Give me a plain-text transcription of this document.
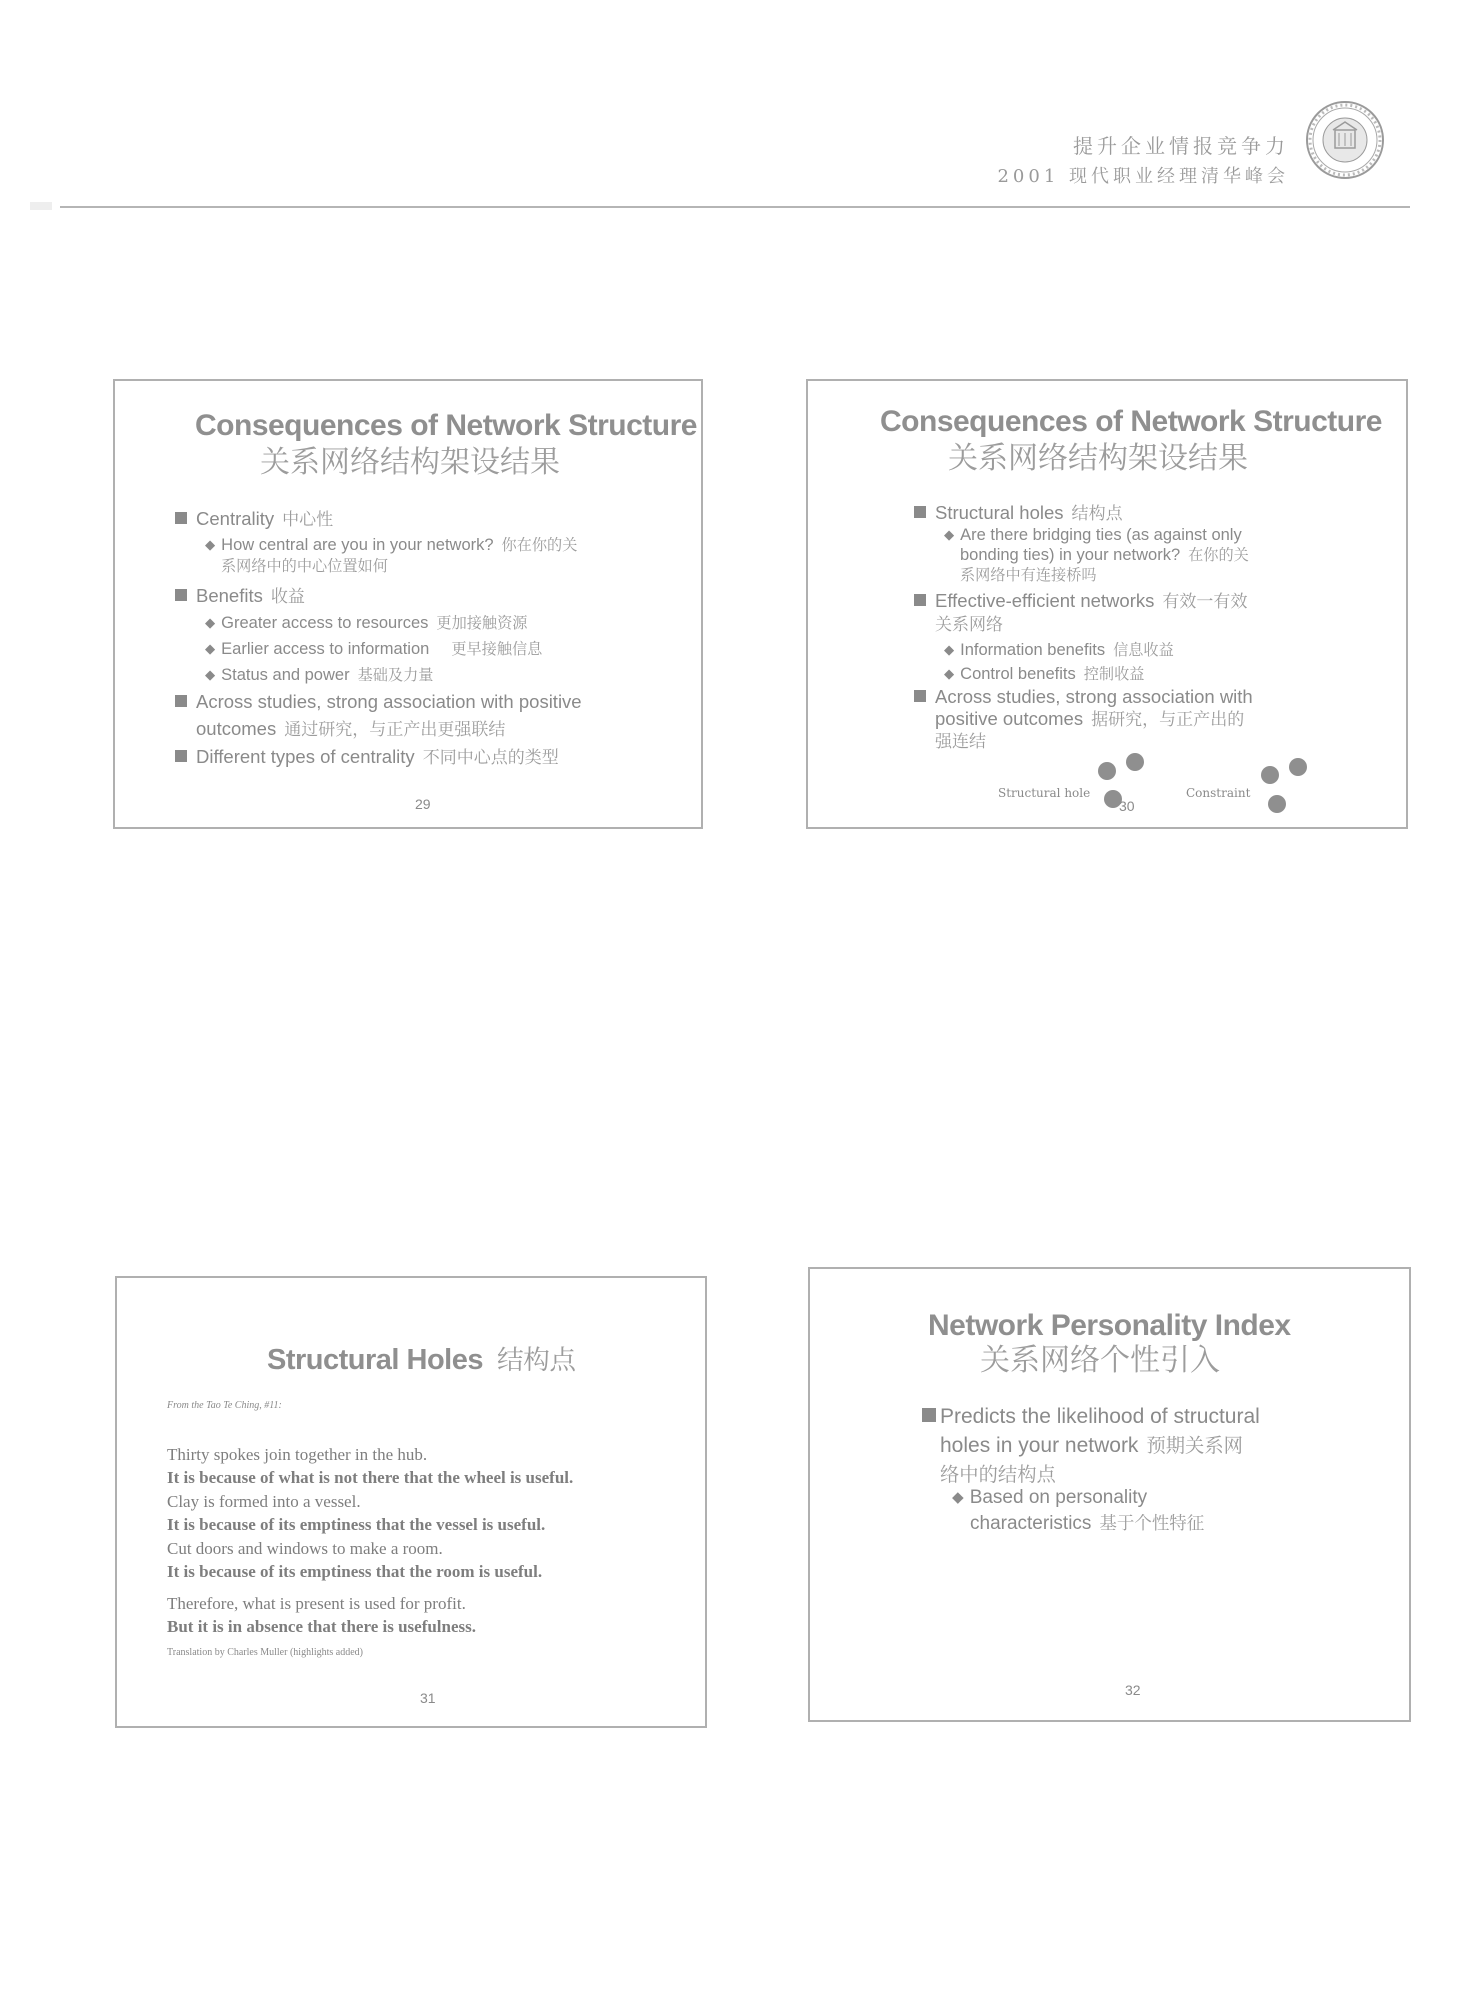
提升企业情报竞争力
2001 现代职业经理清华峰会
Consequences of Network Structure
关系网络结构架设结果
Centrality 中心性
◆ How central are you in your network? 你在你的关
系网络中的中心位置如何
Benefits 收益
◆ Greater access to resources 更加接触资源
◆ Earlier access to information 更早接触信息
◆ Status and power 基础及力量
Across studies, strong association with positive
outcomes 通过研究，与正产出更强联结
Different types of centrality 不同中心点的类型
29
Consequences of Network Structure
关系网络结构架设结果
Structural holes 结构点
◆ Are there bridging ties (as against only
bonding ties) in your network? 在你的关
系网络中有连接桥吗
Effective-efficient networks 有效一有效
关系网络
◆ Information benefits 信息收益
◆ Control benefits 控制收益
Across studies, strong association with
positive outcomes 据研究，与正产出的
强连结
Structural hole	Constraint
30
Structural Holes 结构点
From the Tao Te Ching, #11:
Thirty spokes join together in the hub.
It is because of what is not there that the wheel is useful.
Clay is formed into a vessel.
It is because of its emptiness that the vessel is useful.
Cut doors and windows to make a room.
It is because of its emptiness that the room is useful.
Therefore, what is present is used for profit.
But it is in absence that there is usefulness.
Translation by Charles Muller (highlights added)
31
Network Personality Index
关系网络个性引入
Predicts the likelihood of structural
holes in your network 预期关系网
络中的结构点
◆ Based on personality
characteristics 基于个性特征
32
